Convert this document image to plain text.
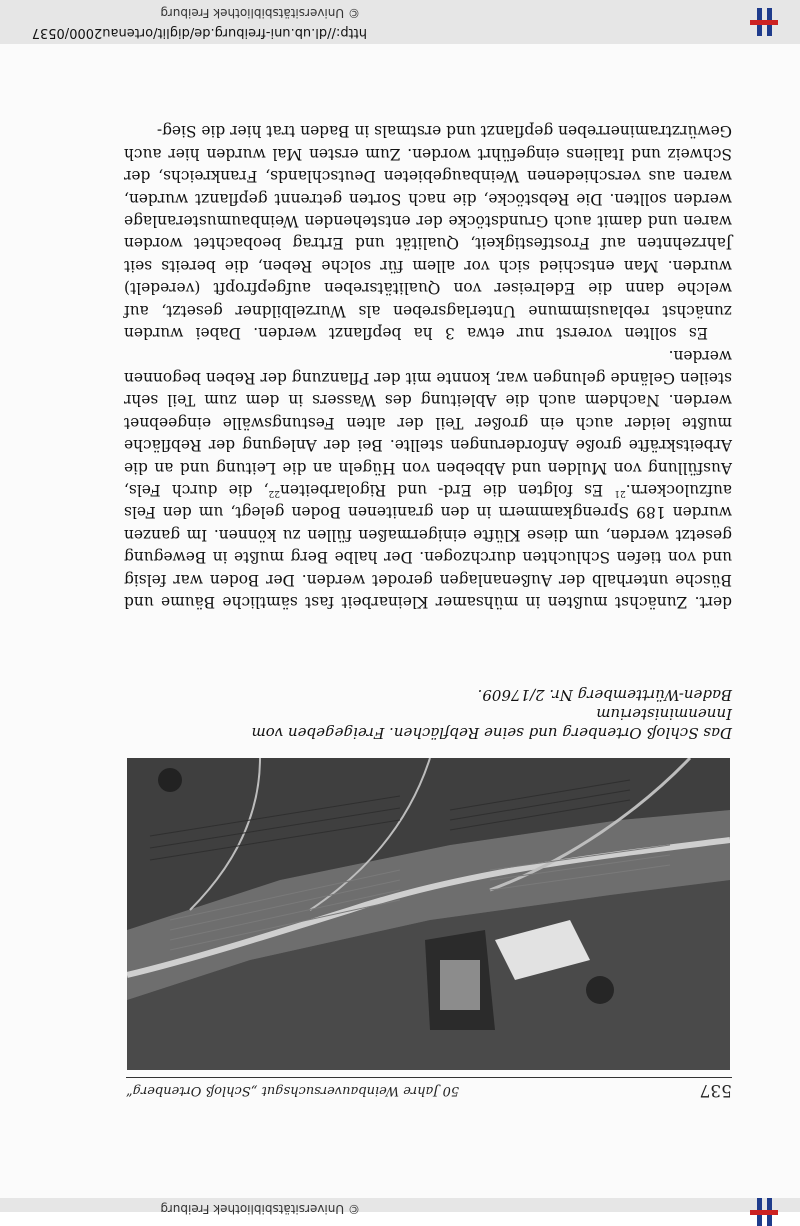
© Universitätsbibliothek Freiburg
537
50 Jahre Weinbauversuchsgut „Schloß Ortenberg“

Das Schloß Ortenberg und seine Rebflächen. Freigegeben vom Innenministerium

Baden-Württemberg Nr. 2/17609.

dert. Zunächst mußten in mühsamer Kleinarbeit fast sämtliche Bäume und Büsche unterhalb der Außenanlagen gerodet werden. Der Boden war felsig und von tiefen Schluchten durchzogen. Der halbe Berg mußte in Bewegung gesetzt werden, um diese Klüfte einigermaßen füllen zu können. Im ganzen wurden 189 Sprengkammern in den granitenen Boden gelegt, um den Fels aufzulockern.$^{21}$ Es folgten die Erd- und Rigolarbeiten$^{22}$, die durch Fels, Ausfüllung von Mulden und Abbeben von Hügeln an die Leitung und an die Arbeitskräfte große Anforderungen stellte. Bei der Anlegung der Rebfläche mußte leider auch ein großer Teil der alten Festungswälle eingeebnet werden. Nachdem auch die Ableitung des Wassers in dem zum Teil sehr steilen Gelände gelungen war, konnte mit der Pflanzung der Reben begonnen werden.

Es sollten vorerst nur etwa 3 ha bepflanzt werden. Dabei wurden zunächst reblausimmune Unterlagsreben als Wurzelbildner gesetzt, auf welche dann die Edelreiser von Qualitätsreben aufgepfropft (veredelt) wurden. Man entschied sich vor allem für solche Reben, die bereits seit Jahrzehnten auf Frostfestigkeit, Qualität und Ertrag beobachtet worden waren und damit auch Grundstöcke der entstehenden Weinbaumusteranlage werden sollten. Die Rebstöcke, die nach Sorten getrennt gepflanzt wurden, waren aus verschiedenen Weinbaugebieten Deutschlands, Frankreichs, der Schweiz und Italiens eingeführt worden. Zum ersten Mal wurden hier auch Gewürztraminerreben gepflanzt und erstmals in Baden trat hier die Sieg-

http://dl.ub.uni-freiburg.de/diglit/ortenau2000/0537
© Universitätsbibliothek Freiburg
